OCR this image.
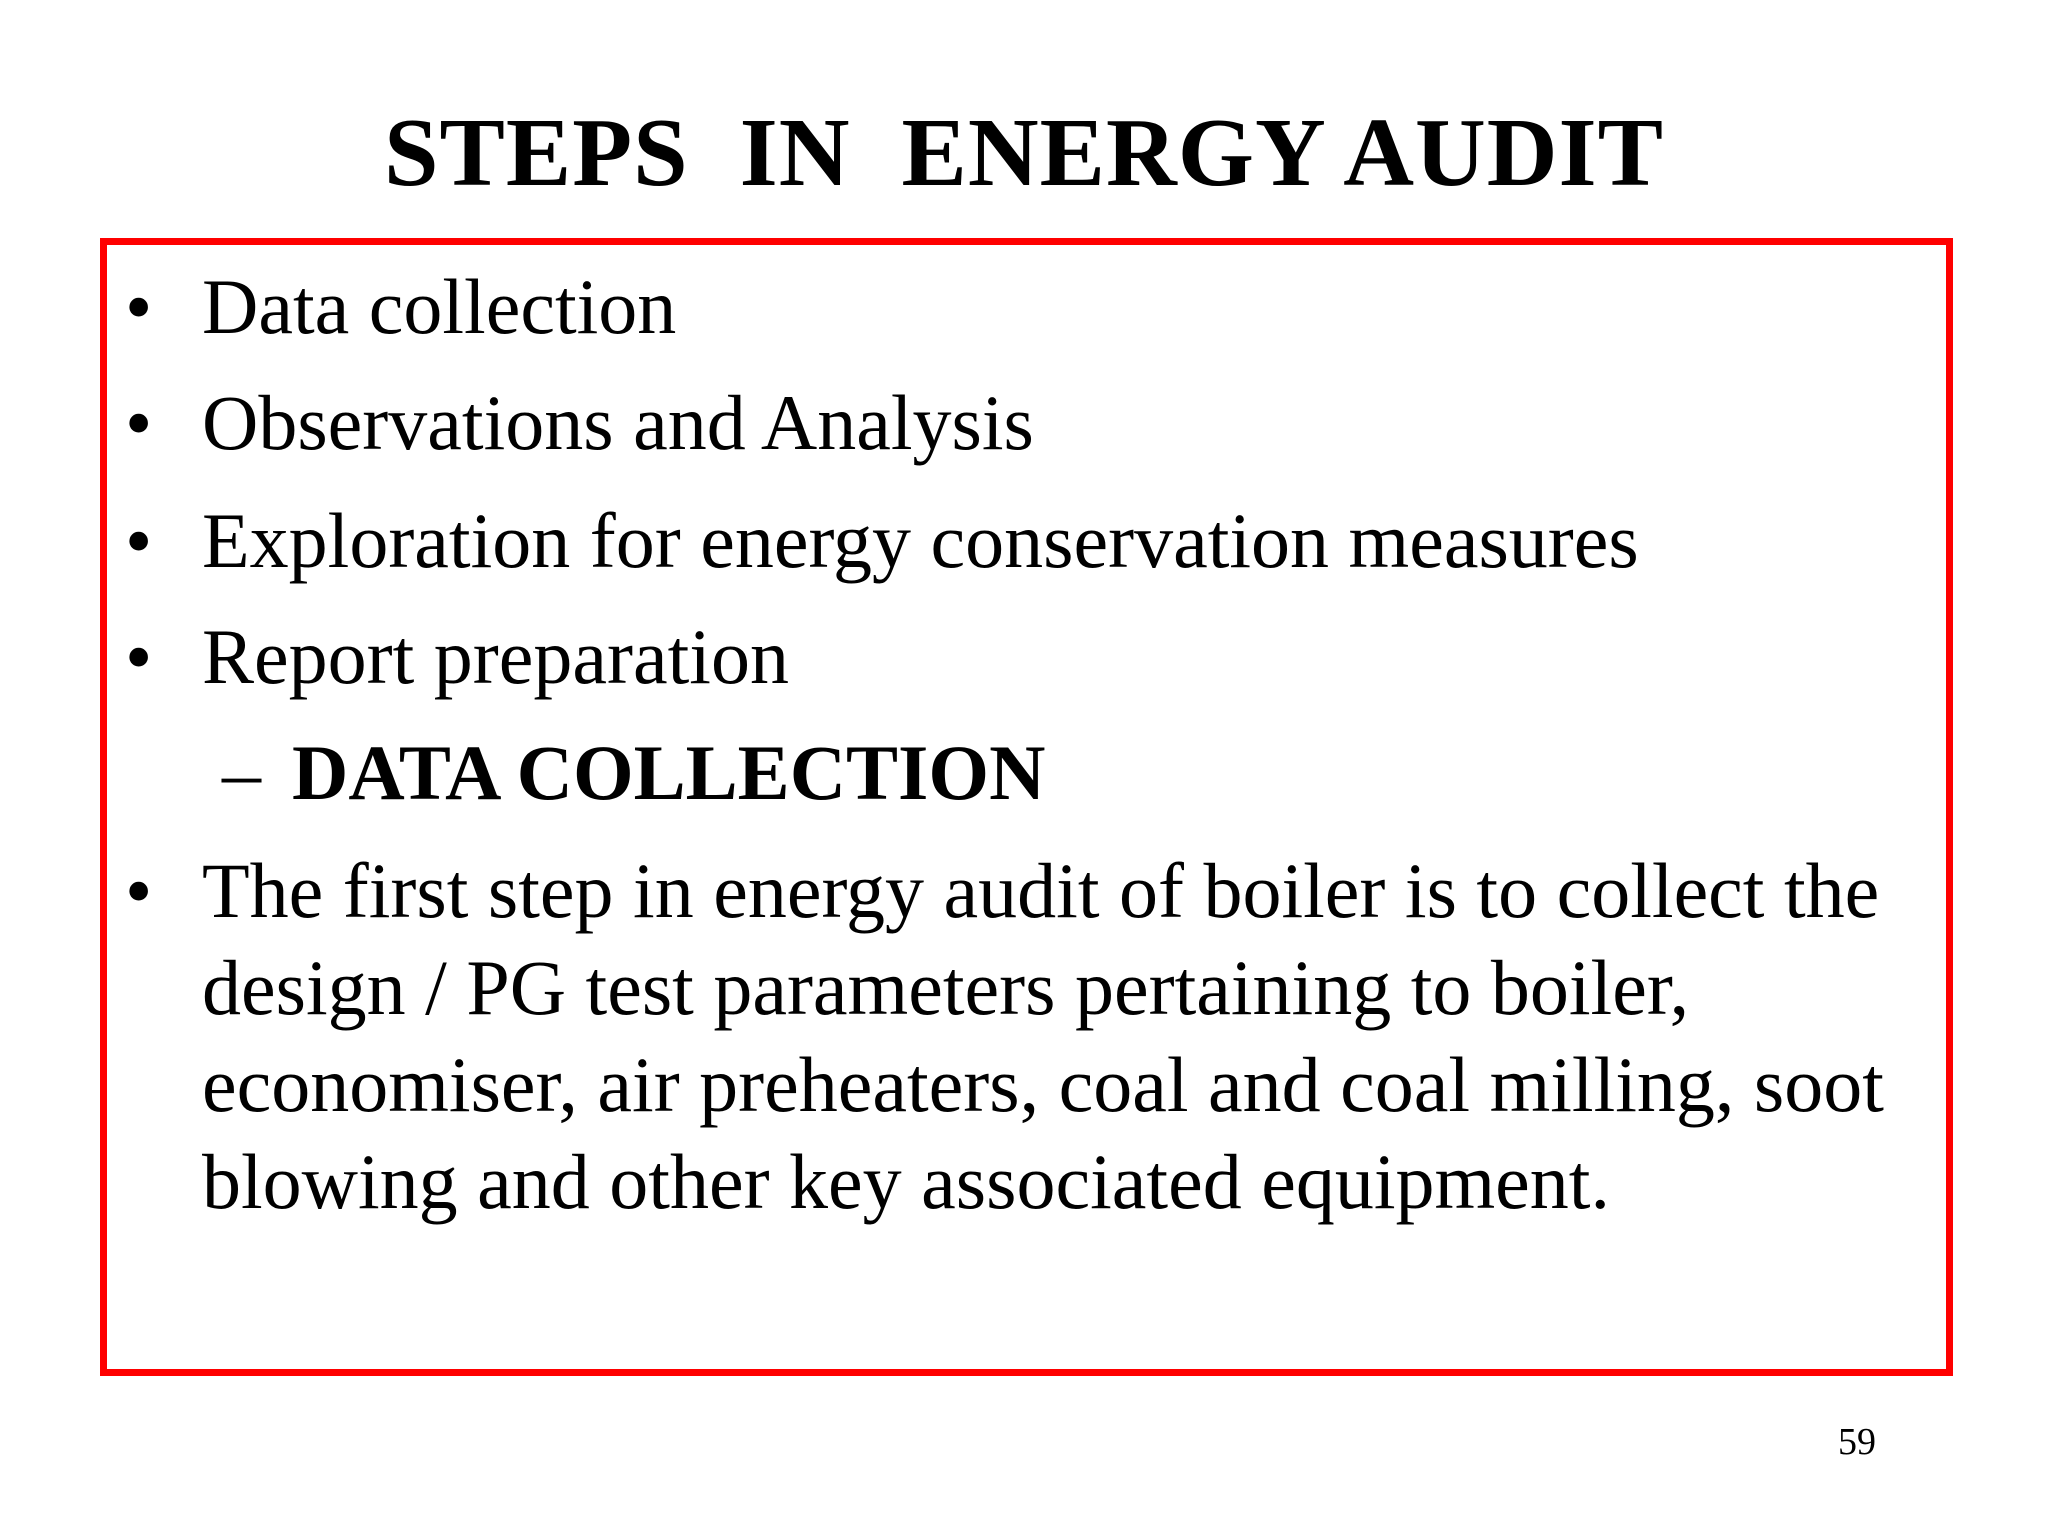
STEPS  IN  ENERGY AUDIT
• Data collection
• Observations and Analysis
• Exploration for energy conservation measures
• Report preparation
– DATA COLLECTION
• The first step in energy audit of boiler is to collect the
design / PG test parameters pertaining to boiler,
economiser, air preheaters, coal and coal milling, soot
blowing and other key associated equipment.
59
